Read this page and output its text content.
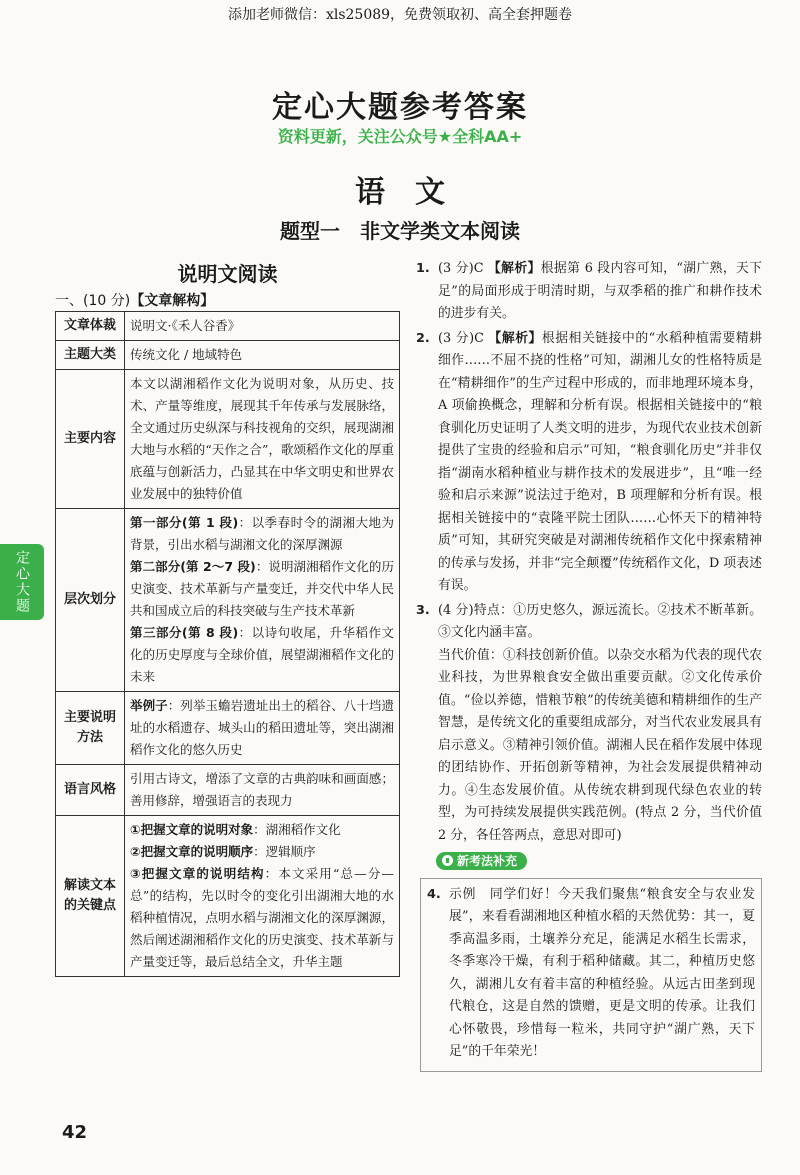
添加老师微信：xls25089，免费领取初、高全套押题卷
定心大题参考答案
资料更新，关注公众号★全科AA+
语　文
题型一　非文学类文本阅读
说明文阅读
一、(10 分)【文章解构】
定心大题
文章体裁	说明文·《禾人谷香》
主题大类	传统文化 / 地域特色
主要内容	本文以湖湘稻作文化为说明对象，从历史、技术、产量等维度，展现其千年传承与发展脉络，全文通过历史纵深与科技视角的交织，展现湖湘大地与水稻的“天作之合”，歌颂稻作文化的厚重底蕴与创新活力，凸显其在中华文明史和世界农业发展中的独特价值
层次划分	第一部分(第 1 段)：以季春时令的湖湘大地为背景，引出水稻与湖湘文化的深厚渊源
第二部分(第 2～7 段)：说明湖湘稻作文化的历史演变、技术革新与产量变迁，并交代中华人民共和国成立后的科技突破与生产技术革新
第三部分(第 8 段)：以诗句收尾，升华稻作文化的历史厚度与全球价值，展望湖湘稻作文化的未来

主要说明方法	举例子：列举玉蟾岩遗址出土的稻谷、八十垱遗址的水稻遗存、城头山的稻田遗址等，突出湖湘稻作文化的悠久历史
语言风格	引用古诗文，增添了文章的古典韵味和画面感；善用修辞，增强语言的表现力
解读文本的关键点	①把握文章的说明对象：湖湘稻作文化
②把握文章的说明顺序：逻辑顺序
③把握文章的说明结构：本文采用“总—分—总”的结构，先以时令的变化引出湖湘大地的水稻种植情况，点明水稻与湖湘文化的深厚渊源，然后阐述湖湘稻作文化的历史演变、技术革新与产量变迁等，最后总结全文，升华主题
1. (3 分)C 【解析】根据第 6 段内容可知，“湖广熟，天下足”的局面形成于明清时期，与双季稻的推广和耕作技术的进步有关。
2. (3 分)C 【解析】根据相关链接中的“水稻种植需要精耕细作……不屈不挠的性格”可知，湖湘儿女的性格特质是在“精耕细作”的生产过程中形成的，而非地理环境本身，A 项偷换概念，理解和分析有误。根据相关链接中的“粮食驯化历史证明了人类文明的进步，为现代农业技术创新提供了宝贵的经验和启示”可知，“粮食驯化历史”并非仅指“湖南水稻种植业与耕作技术的发展进步”，且“唯一经验和启示来源”说法过于绝对，B 项理解和分析有误。根据相关链接中的“袁隆平院士团队……心怀天下的精神特质”可知，其研究突破是对湖湘传统稻作文化中探索精神的传承与发扬，并非“完全颠覆”传统稻作文化，D 项表述有误。
3. (4 分)特点：①历史悠久，源远流长。②技术不断革新。③文化内涵丰富。

当代价值：①科技创新价值。以杂交水稻为代表的现代农业科技，为世界粮食安全做出重要贡献。②文化传承价值。“俭以养德，惜粮节粮”的传统美德和精耕细作的生产智慧，是传统文化的重要组成部分，对当代农业发展具有启示意义。③精神引领价值。湖湘人民在稻作发展中体现的团结协作、开拓创新等精神，为社会发展提供精神动力。④生态发展价值。从传统农耕到现代绿色农业的转型，为可持续发展提供实践范例。(特点 2 分，当代价值 2 分，各任答两点，意思对即可)

新考法补充
4. 示例　同学们好！今天我们聚焦“粮食安全与农业发展”，来看看湖湘地区种植水稻的天然优势：其一，夏季高温多雨，土壤养分充足，能满足水稻生长需求，冬季寒冷干燥，有利于稻种储藏。其二，种植历史悠久，湖湘儿女有着丰富的种植经验。从远古田垄到现代粮仓，这是自然的馈赠，更是文明的传承。让我们心怀敬畏，珍惜每一粒米，共同守护“湖广熟，天下足”的千年荣光！
42
